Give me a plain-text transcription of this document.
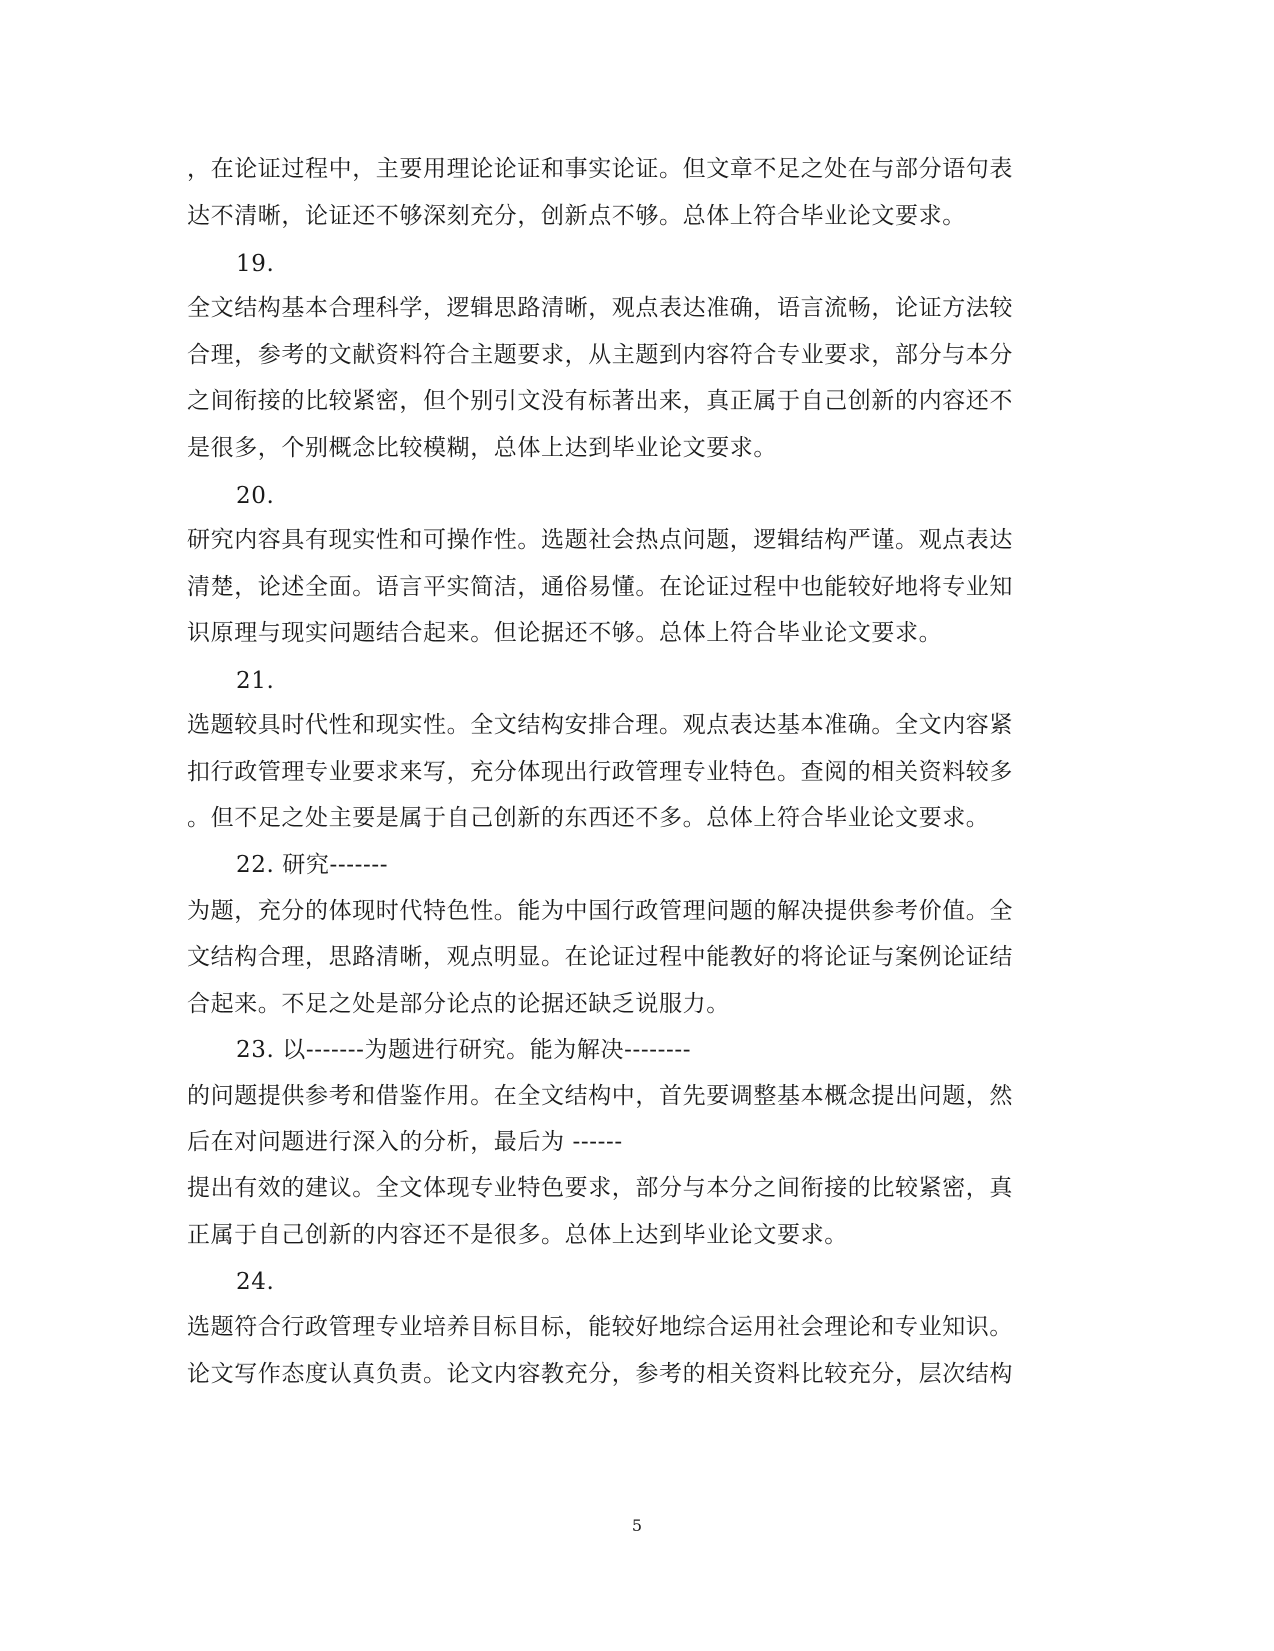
，在论证过程中，主要用理论论证和事实论证。但文章不足之处在与部分语句表
达不清晰，论证还不够深刻充分，创新点不够。总体上符合毕业论文要求。
19.
全文结构基本合理科学，逻辑思路清晰，观点表达准确，语言流畅，论证方法较
合理，参考的文献资料符合主题要求，从主题到内容符合专业要求，部分与本分
之间衔接的比较紧密，但个别引文没有标著出来，真正属于自己创新的内容还不
是很多，个别概念比较模糊，总体上达到毕业论文要求。
20.
研究内容具有现实性和可操作性。选题社会热点问题，逻辑结构严谨。观点表达
清楚，论述全面。语言平实简洁，通俗易懂。在论证过程中也能较好地将专业知
识原理与现实问题结合起来。但论据还不够。总体上符合毕业论文要求。
21.
选题较具时代性和现实性。全文结构安排合理。观点表达基本准确。全文内容紧
扣行政管理专业要求来写，充分体现出行政管理专业特色。查阅的相关资料较多
。但不足之处主要是属于自己创新的东西还不多。总体上符合毕业论文要求。
22. 研究-------
为题，充分的体现时代特色性。能为中国行政管理问题的解决提供参考价值。全
文结构合理，思路清晰，观点明显。在论证过程中能教好的将论证与案例论证结
合起来。不足之处是部分论点的论据还缺乏说服力。
23. 以-------为题进行研究。能为解决--------
的问题提供参考和借鉴作用。在全文结构中，首先要调整基本概念提出问题，然
后在对问题进行深入的分析，最后为 ------
提出有效的建议。全文体现专业特色要求，部分与本分之间衔接的比较紧密，真
正属于自己创新的内容还不是很多。总体上达到毕业论文要求。
24.
选题符合行政管理专业培养目标目标，能较好地综合运用社会理论和专业知识。
论文写作态度认真负责。论文内容教充分，参考的相关资料比较充分，层次结构
5
